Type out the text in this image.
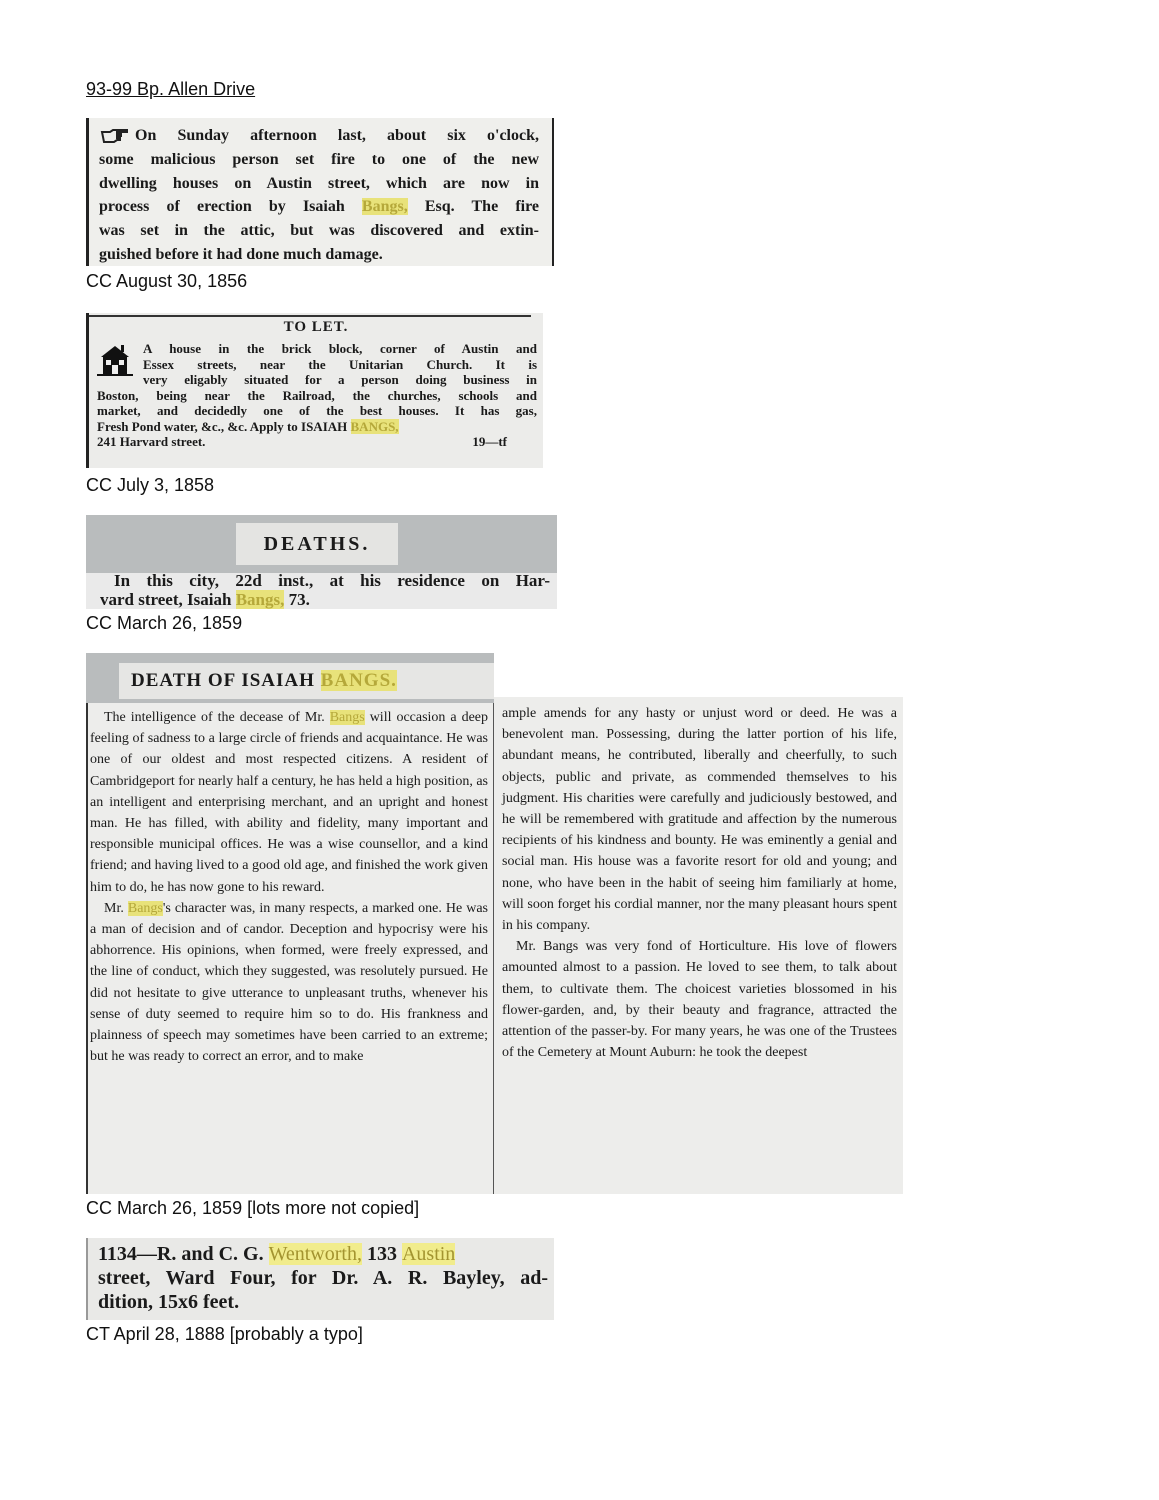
93-99 Bp. Allen Drive

On Sunday afternoon last, about six o'clock,

some malicious person set fire to one of the new

dwelling houses on Austin street, which are now in

process of erection by Isaiah Bangs, Esq. The fire

was set in the attic, but was discovered and extin-

guished before it had done much damage.

CC August 30, 1856
TO LET.

A house in the brick block, corner of Austin and

Essex streets, near the Unitarian Church. It is

very eligably situated for a person doing business in

Boston, being near the Railroad, the churches, schools and

market, and decidedly one of the best houses. It has gas,

Fresh Pond water, &c., &c. Apply to ISAIAH BANGS,

241 Harvard street.	19—tf

CC July 3, 1858
DEATHS.

In this city, 22d inst., at his residence on Har-

vard street, Isaiah Bangs, 73.

CC March 26, 1859
DEATH OF ISAIAH BANGS.

The intelligence of the decease of Mr. Bangs will occasion a deep feeling of sadness to a large circle of friends and acquaintance. He was one of our oldest and most respected citizens. A resident of Cambridgeport for nearly half a century, he has held a high position, as an intelligent and enterprising merchant, and an upright and honest man. He has filled, with ability and fidelity, many important and responsible municipal offices. He was a wise counsellor, and a kind friend; and having lived to a good old age, and finished the work given him to do, he has now gone to his reward.

Mr. Bangs's character was, in many respects, a marked one. He was a man of decision and of candor. Deception and hypocrisy were his abhorrence. His opinions, when formed, were freely expressed, and the line of conduct, which they suggested, was resolutely pursued. He did not hesitate to give utterance to unpleasant truths, whenever his sense of duty seemed to require him so to do. His frankness and plainness of speech may sometimes have been carried to an extreme; but he was ready to correct an error, and to make

ample amends for any hasty or unjust word or deed. He was a benevolent man. Possessing, during the latter portion of his life, abundant means, he contributed, liberally and cheerfully, to such objects, public and private, as commended themselves to his judgment. His charities were carefully and judiciously bestowed, and he will be remembered with gratitude and affection by the numerous recipients of his kindness and bounty. He was eminently a genial and social man. His house was a favorite resort for old and young; and none, who have been in the habit of seeing him familiarly at home, will soon forget his cordial manner, nor the many pleasant hours spent in his company.

Mr. Bangs was very fond of Horticulture. His love of flowers amounted almost to a passion. He loved to see them, to talk about them, to cultivate them. The choicest varieties blossomed in his flower-garden, and, by their beauty and fragrance, attracted the attention of the passer-by. For many years, he was one of the Trustees of the Cemetery at Mount Auburn: he took the deepest

CC March 26, 1859 [lots more not copied]

1134—R. and C. G. Wentworth, 133 Austin

street, Ward Four, for Dr. A. R. Bayley, ad-

dition, 15x6 feet.

CT April 28, 1888 [probably a typo]
